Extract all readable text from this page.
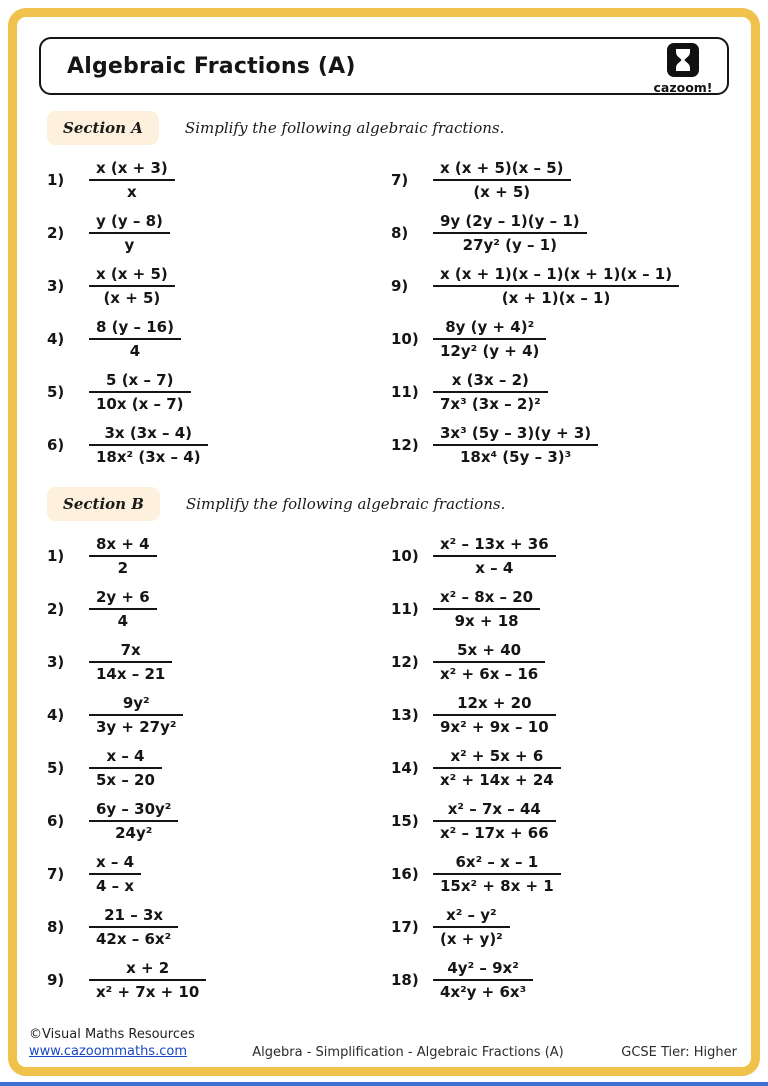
Algebraic Fractions (A)
cazoom!
Section A	Simplify the following algebraic fractions.
1)	$\frac{x (x + 3)}{x}$
2)	$\frac{y (y - 8)}{y}$
3)	$\frac{x (x + 5)}{(x + 5)}$
4)	$\frac{8 (y - 16)}{4}$
5)	$\frac{5 (x - 7)}{10x (x - 7)}$
6)	$\frac{3x (3x - 4)}{\text{18x² (3x – 4)}}$
7)	$\frac{x (x + 5)(x - 5)}{(x + 5)}$
8)	$\frac{9y (2y - 1)(y - 1)}{\text{27y² (y – 1)}}$
9)	$\frac{x (x + 1)(x - 1)(x + 1)(x - 1)}{(x + 1)(x - 1)}$
$10) \frac{\text{8y (y + 4)²}}{\text{12y² (y + 4)}}$
$11) \frac{x (3x - 2)}{\text{7x³ (3x – 2)²}}$
$12) \frac{\text{3x³ (5y – 3)(y + 3)}}{\text{18x⁴ (5y – 3)³}}$
Section B	Simplify the following algebraic fractions.
1)	$\frac{8x + 4}{2}$
2)	$\frac{2y + 6}{4}$
3)	$\frac{7x}{14x - 21}$
4)	$\frac{\text{9y²}}{\text{3y + 27y²}}$
5)	$\frac{x - 4}{5x - 20}$
6)	$\frac{\text{6y – 30y²}}{\text{24y²}}$
7)	$\frac{x - 4}{4 - x}$
8)	$\frac{21 - 3x}{\text{42x – 6x²}}$
9)	$\frac{x + 2}{\text{x² + 7x + 10}}$
$10) \frac{\text{x² – 13x + 36}}{x - 4}$
$11) \frac{\text{x² – 8x – 20}}{9x + 18}$
$12) \frac{5x + 40}{\text{x² + 6x – 16}}$
$13) \frac{12x + 20}{\text{9x² + 9x – 10}}$
$14) \frac{\text{x² + 5x + 6}}{\text{x² + 14x + 24}}$
$15) \frac{\text{x² – 7x – 44}}{\text{x² – 17x + 66}}$
$16) \frac{\text{6x² – x – 1}}{\text{15x² + 8x + 1}}$
$17) \frac{\text{x² – y²}}{\text{(x + y)²}}$
$18) \frac{\text{4y² – 9x²}}{\text{4x²y + 6x³}}$
©Visual Maths Resources
www.cazoommaths.com	Algebra - Simplification - Algebraic Fractions (A)	GCSE Tier: Higher
